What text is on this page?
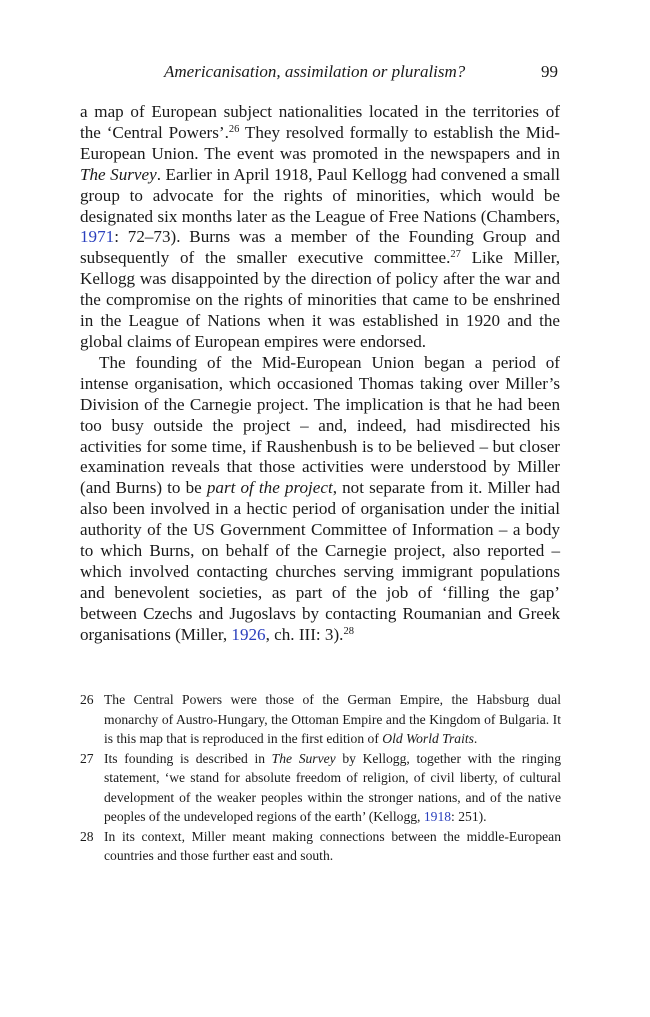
Americanisation, assimilation or pluralism?	99

a map of European subject nationalities located in the territories of the ‘Central Powers’.$^{26}$ They resolved formally to establish the Mid-European Union. The event was promoted in the newspapers and in The Survey. Earlier in April 1918, Paul Kellogg had convened a small group to advocate for the rights of minorities, which would be designated six months later as the League of Free Nations (Chambers, 1971: 72–73). Burns was a member of the Founding Group and subsequently of the smaller executive committee.$^{27}$ Like Miller, Kellogg was disappointed by the direction of policy after the war and the compromise on the rights of minorities that came to be enshrined in the League of Nations when it was established in 1920 and the global claims of European empires were endorsed.

The founding of the Mid-European Union began a period of intense organisation, which occasioned Thomas taking over Miller’s Division of the Carnegie project. The implication is that he had been too busy outside the project – and, indeed, had misdirected his activities for some time, if Raushenbush is to be believed – but closer examination reveals that those activities were understood by Miller (and Burns) to be part of the project, not separate from it. Miller had also been involved in a hectic period of organisation under the initial authority of the US Government Committee of Information – a body to which Burns, on behalf of the Carnegie project, also reported – which involved contacting churches serving immigrant populations and benevolent societies, as part of the job of ‘filling the gap’ between Czechs and Jugoslavs by contacting Roumanian and Greek organisations (Miller, 1926, ch. III: 3).$^{28}$

26 The Central Powers were those of the German Empire, the Habsburg dual monarchy of Austro-Hungary, the Ottoman Empire and the Kingdom of Bulgaria. It is this map that is reproduced in the first edition of Old World Traits.
27 Its founding is described in The Survey by Kellogg, together with the ringing statement, ‘we stand for absolute freedom of religion, of civil liberty, of cultural development of the weaker peoples within the stronger nations, and of the native peoples of the undeveloped regions of the earth’ (Kellogg, 1918: 251).
28 In its context, Miller meant making connections between the middle-European countries and those further east and south.
